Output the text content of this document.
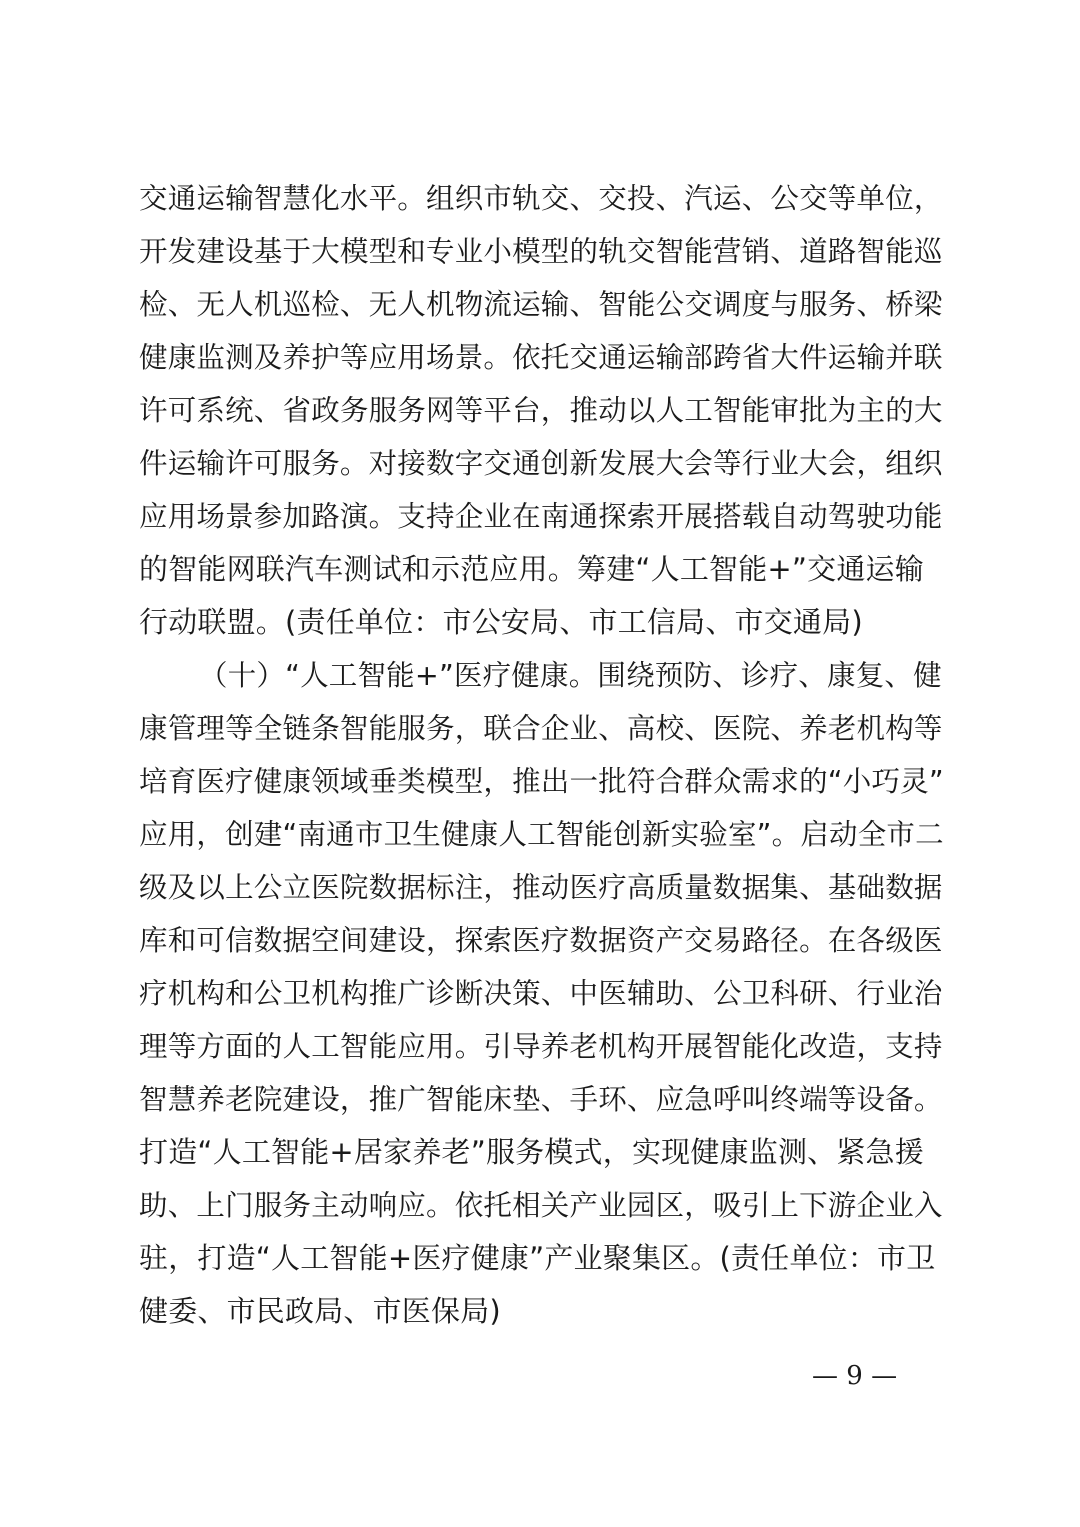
交通运输智慧化水平。组织市轨交、交投、汽运、公交等单位，
开发建设基于大模型和专业小模型的轨交智能营销、道路智能巡
检、无人机巡检、无人机物流运输、智能公交调度与服务、桥梁
健康监测及养护等应用场景。依托交通运输部跨省大件运输并联
许可系统、省政务服务网等平台，推动以人工智能审批为主的大
件运输许可服务。对接数字交通创新发展大会等行业大会，组织
应用场景参加路演。支持企业在南通探索开展搭载自动驾驶功能
的智能网联汽车测试和示范应用。筹建“人工智能+”交通运输
行动联盟。(责任单位：市公安局、市工信局、市交通局)
（十）“人工智能+”医疗健康。围绕预防、诊疗、康复、健
康管理等全链条智能服务，联合企业、高校、医院、养老机构等
培育医疗健康领域垂类模型，推出一批符合群众需求的“小巧灵”
应用，创建“南通市卫生健康人工智能创新实验室”。启动全市二
级及以上公立医院数据标注，推动医疗高质量数据集、基础数据
库和可信数据空间建设，探索医疗数据资产交易路径。在各级医
疗机构和公卫机构推广诊断决策、中医辅助、公卫科研、行业治
理等方面的人工智能应用。引导养老机构开展智能化改造，支持
智慧养老院建设，推广智能床垫、手环、应急呼叫终端等设备。
打造“人工智能+居家养老”服务模式，实现健康监测、紧急援
助、上门服务主动响应。依托相关产业园区，吸引上下游企业入
驻，打造“人工智能+医疗健康”产业聚集区。(责任单位：市卫
健委、市民政局、市医保局)
— 9 —
